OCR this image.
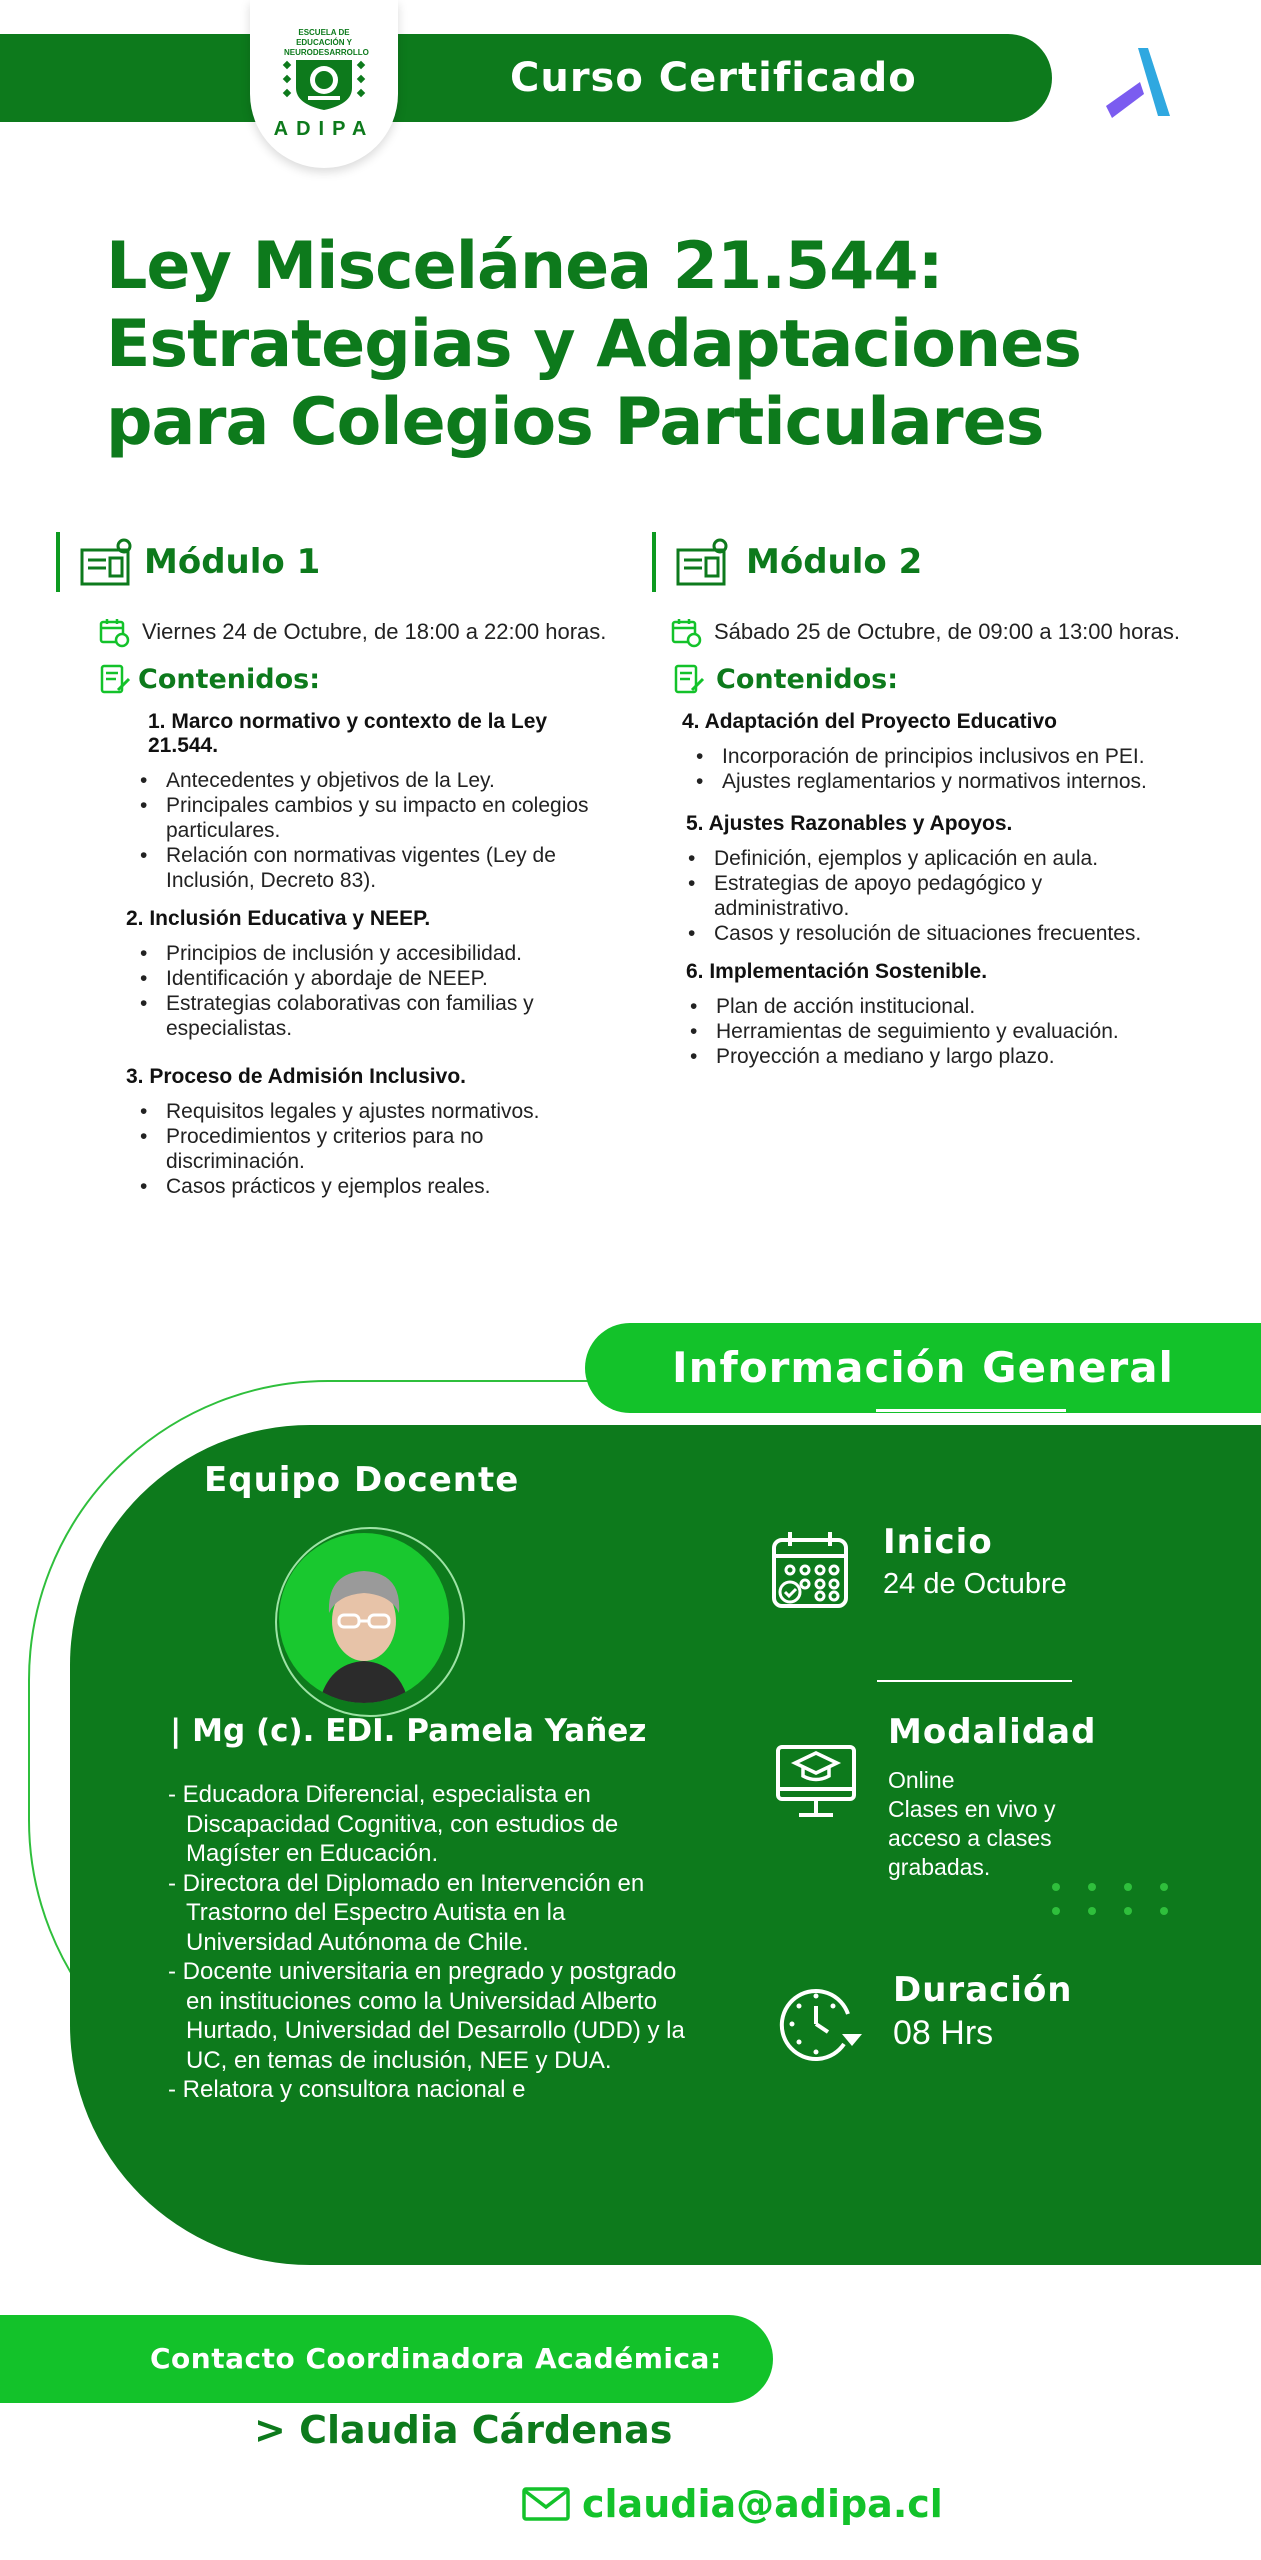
Curso Certificado
ESCUELA DE EDUCACIÓN Y NEURODESARROLLO
ADIPA
Ley Miscelánea 21.544:
Estrategias y Adaptaciones
para Colegios Particulares
Módulo 1
Viernes 24 de Octubre, de 18:00 a 22:00 horas.
Contenidos:
1. Marco normativo y contexto de la Ley 21.544.
• Antecedentes y objetivos de la Ley.
• Principales cambios y su impacto en colegios particulares.
• Relación con normativas vigentes (Ley de Inclusión, Decreto 83).
2. Inclusión Educativa y NEEP.
• Principios de inclusión y accesibilidad.
• Identificación y abordaje de NEEP.
• Estrategias colaborativas con familias y especialistas.
3. Proceso de Admisión Inclusivo.
• Requisitos legales y ajustes normativos.
• Procedimientos y criterios para no discriminación.
• Casos prácticos y ejemplos reales.
Módulo 2
Sábado 25 de Octubre, de 09:00 a 13:00 horas.
Contenidos:
4. Adaptación del Proyecto Educativo
• Incorporación de principios inclusivos en PEI.
• Ajustes reglamentarios y normativos internos.
5. Ajustes Razonables y Apoyos.
• Definición, ejemplos y aplicación en aula.
• Estrategias de apoyo pedagógico y administrativo.
• Casos y resolución de situaciones frecuentes.
6. Implementación Sostenible.
• Plan de acción institucional.
• Herramientas de seguimiento y evaluación.
• Proyección a mediano y largo plazo.
Información General
Equipo Docente
| Mg (c). EDI. Pamela Yañez
- Educadora Diferencial, especialista en Discapacidad Cognitiva, con estudios de Magíster en Educación.
- Directora del Diplomado en Intervención en Trastorno del Espectro Autista en la Universidad Autónoma de Chile.
- Docente universitaria en pregrado y postgrado en instituciones como la Universidad Alberto Hurtado, Universidad del Desarrollo (UDD) y la UC, en temas de inclusión, NEE y DUA.
- Relatora y consultora nacional e
Inicio
24 de Octubre
Modalidad
Online
Clases en vivo y
acceso a clases
grabadas.
Duración
08 Hrs
Contacto Coordinadora Académica:
> Claudia Cárdenas
claudia@adipa.cl
